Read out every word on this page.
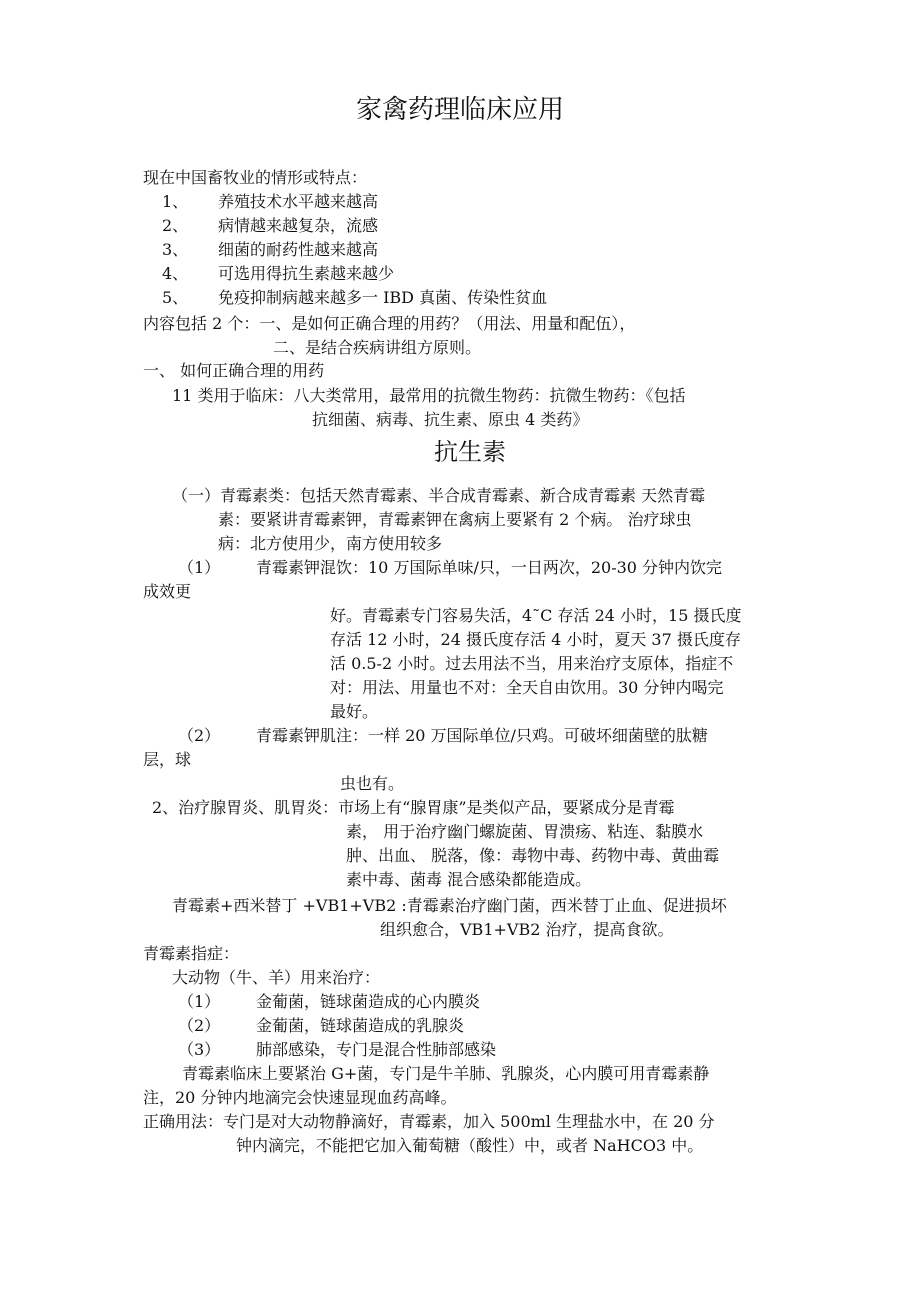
家禽药理临床应用
现在中国畜牧业的情形或特点：
1、 养殖技术水平越来越高
2、 病情越来越复杂，流感
3、 细菌的耐药性越来越高
4、 可选用得抗生素越来越少
5、 免疫抑制病越来越多一 IBD 真菌、传染性贫血
内容包括 2 个：一、是如何正确合理的用药？（用法、用量和配伍），
二、是结合疾病讲组方原则。
一、 如何正确合理的用药
11 类用于临床：八大类常用，最常用的抗微生物药：抗微生物药：《包括
抗细菌、病毒、抗生素、原虫 4 类药》
抗生素
（一）青霉素类：包括天然青霉素、半合成青霉素、新合成青霉素 天然青霉
素：要紧讲青霉素钾，青霉素钾在禽病上要紧有 2 个病。 治疗球虫
病：北方使用少，南方使用较多
（1） 青霉素钾混饮：10 万国际单味/只，一日两次，20-30 分钟内饮完
成效更
好。青霉素专门容易失活，4˜C 存活 24 小时，15 摄氏度
存活 12 小时，24 摄氏度存活 4 小时，夏天 37 摄氏度存
活 0.5-2 小时。过去用法不当，用来治疗支原体，指症不
对：用法、用量也不对：全天自由饮用。30 分钟内喝完
最好。
（2） 青霉素钾肌注：一样 20 万国际单位/只鸡。可破坏细菌壁的肽糖
层，球
虫也有。
2、治疗腺胃炎、肌胃炎：市场上有“腺胃康”是类似产品，要紧成分是青霉
素， 用于治疗幽门螺旋菌、胃溃疡、粘连、黏膜水
肿、出血、 脱落，像：毒物中毒、药物中毒、黄曲霉
素中毒、菌毒 混合感染都能造成。
青霉素+西米替丁 +VB1+VB2 :青霉素治疗幽门菌，西米替丁止血、促进损坏
组织愈合，VB1+VB2 治疗，提高食欲。
青霉素指症：
大动物（牛、羊）用来治疗：
（1） 金葡菌，链球菌造成的心内膜炎
（2） 金葡菌，链球菌造成的乳腺炎
（3） 肺部感染，专门是混合性肺部感染
青霉素临床上要紧治 G+菌，专门是牛羊肺、乳腺炎，心内膜可用青霉素静
注，20 分钟内地滴完会快速显现血药高峰。
正确用法：专门是对大动物静滴好，青霉素，加入 500ml 生理盐水中，在 20 分
钟内滴完，不能把它加入葡萄糖（酸性）中，或者 NaHCO3 中。
